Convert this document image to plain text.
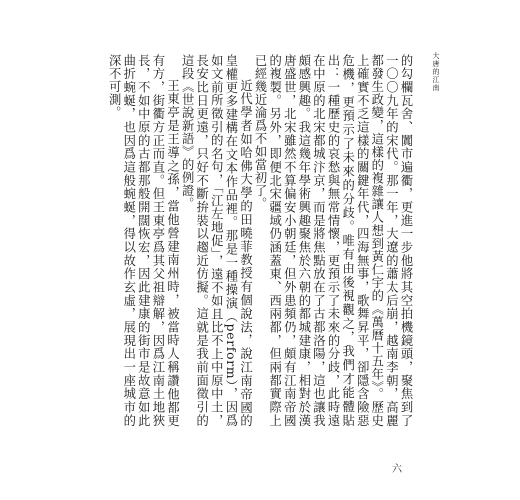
大唐的江南

的勾欄瓦舍、闐市遍衢，更進一步他將其空拍機鏡頭，聚焦到了一〇〇九年的宋代。那一年，大遼的蕭太后崩，越南李朝，高麗都發生政變，這樣的複雜讓人想到黃仁宇的《萬曆十五年》。歷史上確實不乏這樣的關鍵年代，四海無事，歌舞昇平，卻隱含險惡危機，更預示了未來的分歧。唯有由後視觀之，我們才能體貼出：一種歷史的哀愁與無常情懷，更預示了未來的分歧，此時遠在中原的北宋都城汴京，而是將焦點放在了古都洛陽，這也讓我頗感興趣。我這幾年學術興趣聚焦於六朝的都城建康，相對於漢唐盛世，北宋雖然不算偏安小朝廷，但外患頻仍，頗有江南帝國的複製。另外，即便北宋疆域仍涵蓋東、西兩都，但兩都實際上已經幾近淪爲不如當初了。

近代學者如哈佛大學的田曉菲教授有個說法，說江南帝國的皇權更多建構在文本作品裡。那是一種操演（perform），因爲如文前所徵引的名句，「江左地促」，遠不如且比不上中原中土，長安比日更遠，只好不斷拚裝以趨近仿擬。這就是我前面徵引的這段《世說新語》的例證。

王東亭是王導之孫，當他營建南州時，被當時人稱讚他都更有方，街衢方正而直。但王東亭爲其父祖辯解，因爲江南土地狹長，不如中原的古都那般開闊恢宏，因此建康的街市是故意如此曲折蜿蜒，也因爲這般蜿蜒，得以故作玄虛，展現出一座城市的深不可測。

六
